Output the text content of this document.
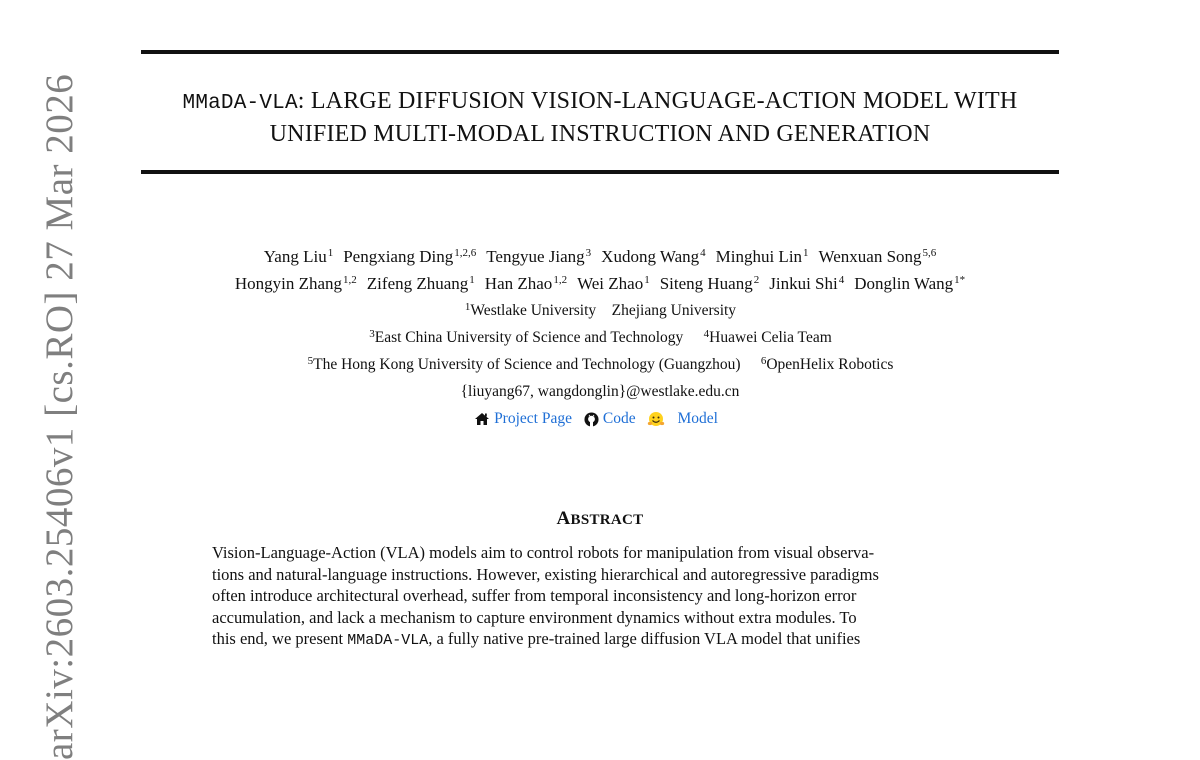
arXiv:2603.25406v1 [cs.RO] 27 Mar 2026	MMaDA-VLA: LARGE DIFFUSION VISION-LANGUAGE-ACTION MODEL WITH
UNIFIED MULTI-MODAL INSTRUCTION AND GENERATION
Yang Liu$^1$ Pengxiang Ding$^{1,2,6}$ Tengyue Jiang$^3$ Xudong Wang$^4$ Minghui Lin$^1$ Wenxuan Song$^{5,6}$
Hongyin Zhang$^{1,2}$ Zifeng Zhuang$^1$ Han Zhao$^{1,2}$ Wei Zhao$^1$ Siteng Huang$^2$ Jinkui Shi$^4$ Donglin Wang$^{1*}$
$^1$Westlake University Zhejiang University
$^3$East China University of Science and Technology $^4$Huawei Celia Team
$^5$The Hong Kong University of Science and Technology (Guangzhou) $^6$OpenHelix Robotics
{liuyang67, wangdonglin}@westlake.edu.cn
Project Page Code	Model
ABSTRACT
Vision-Language-Action (VLA) models aim to control robots for manipulation from visual observa-
tions and natural-language instructions. However, existing hierarchical and autoregressive paradigms
often introduce architectural overhead, suffer from temporal inconsistency and long-horizon error
accumulation, and lack a mechanism to capture environment dynamics without extra modules. To
this end, we present MMaDA-VLA, a fully native pre-trained large diffusion VLA model that unifies
